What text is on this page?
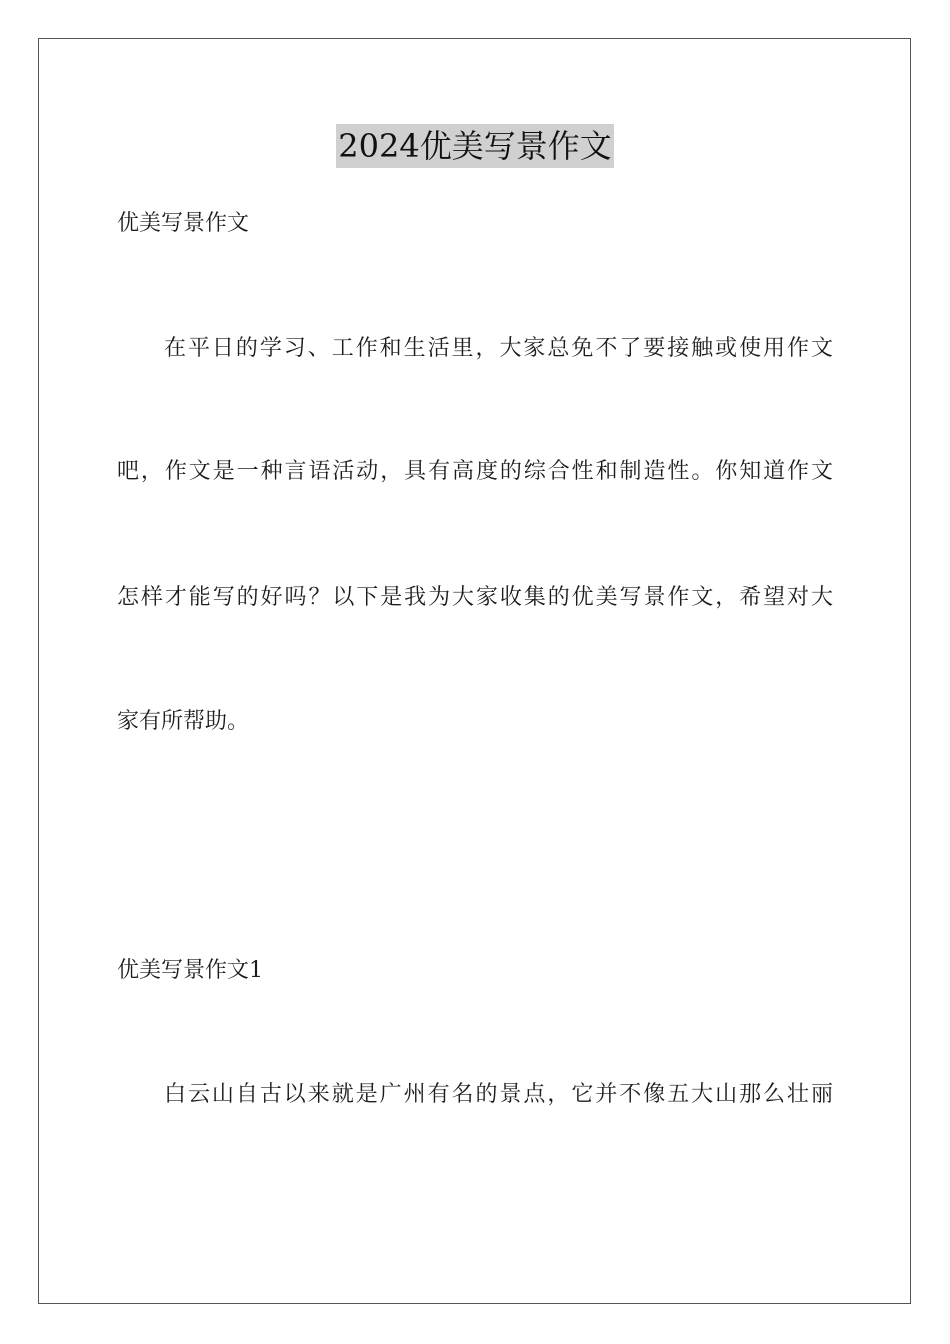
2024优美写景作文
优美写景作文
在平日的学习、工作和生活里，大家总免不了要接触或使用作文
吧，作文是一种言语活动，具有高度的综合性和制造性。你知道作文
怎样才能写的好吗？以下是我为大家收集的优美写景作文，希望对大
家有所帮助。
优美写景作文1
白云山自古以来就是广州有名的景点，它并不像五大山那么壮丽
